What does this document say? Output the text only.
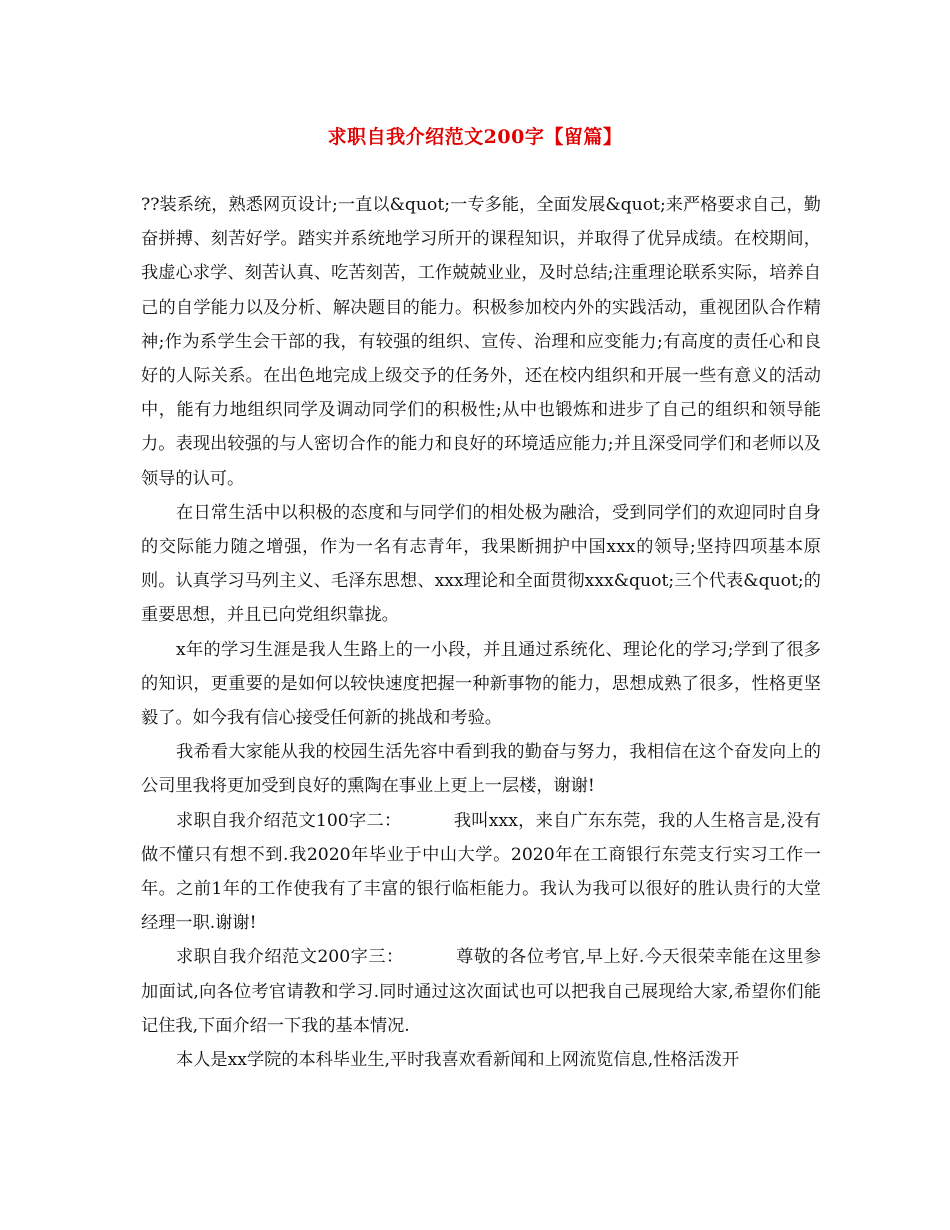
求职自我介绍范文200字【留篇】

??装系统，熟悉网页设计;一直以&quot;一专多能，全面发展&quot;来严格要求自己，勤奋拼搏、刻苦好学。踏实并系统地学习所开的课程知识，并取得了优异成绩。在校期间，我虚心求学、刻苦认真、吃苦刻苦，工作兢兢业业，及时总结;注重理论联系实际，培养自己的自学能力以及分析、解决题目的能力。积极参加校内外的实践活动，重视团队合作精神;作为系学生会干部的我，有较强的组织、宣传、治理和应变能力;有高度的责任心和良好的人际关系。在出色地完成上级交予的任务外，还在校内组织和开展一些有意义的活动中，能有力地组织同学及调动同学们的积极性;从中也锻炼和进步了自己的组织和领导能力。表现出较强的与人密切合作的能力和良好的环境适应能力;并且深受同学们和老师以及领导的认可。

在日常生活中以积极的态度和与同学们的相处极为融洽，受到同学们的欢迎同时自身的交际能力随之增强，作为一名有志青年，我果断拥护中国xxx的领导;坚持四项基本原则。认真学习马列主义、毛泽东思想、xxx理论和全面贯彻xxx&quot;三个代表&quot;的重要思想，并且已向党组织靠拢。

x年的学习生涯是我人生路上的一小段，并且通过系统化、理论化的学习;学到了很多的知识，更重要的是如何以较快速度把握一种新事物的能力，思想成熟了很多，性格更坚毅了。如今我有信心接受任何新的挑战和考验。

我希看大家能从我的校园生活先容中看到我的勤奋与努力，我相信在这个奋发向上的公司里我将更加受到良好的熏陶在事业上更上一层楼，谢谢!

求职自我介绍范文100字二：	我叫xxx，来自广东东莞，我的人生格言是,没有做不懂只有想不到.我2020年毕业于中山大学。2020年在工商银行东莞支行实习工作一年。之前1年的工作使我有了丰富的银行临柜能力。我认为我可以很好的胜认贵行的大堂经理一职.谢谢!

求职自我介绍范文200字三：	尊敬的各位考官,早上好.今天很荣幸能在这里参加面试,向各位考官请教和学习.同时通过这次面试也可以把我自己展现给大家,希望你们能记住我,下面介绍一下我的基本情况.

本人是xx学院的本科毕业生,平时我喜欢看新闻和上网流览信息,性格活泼开
